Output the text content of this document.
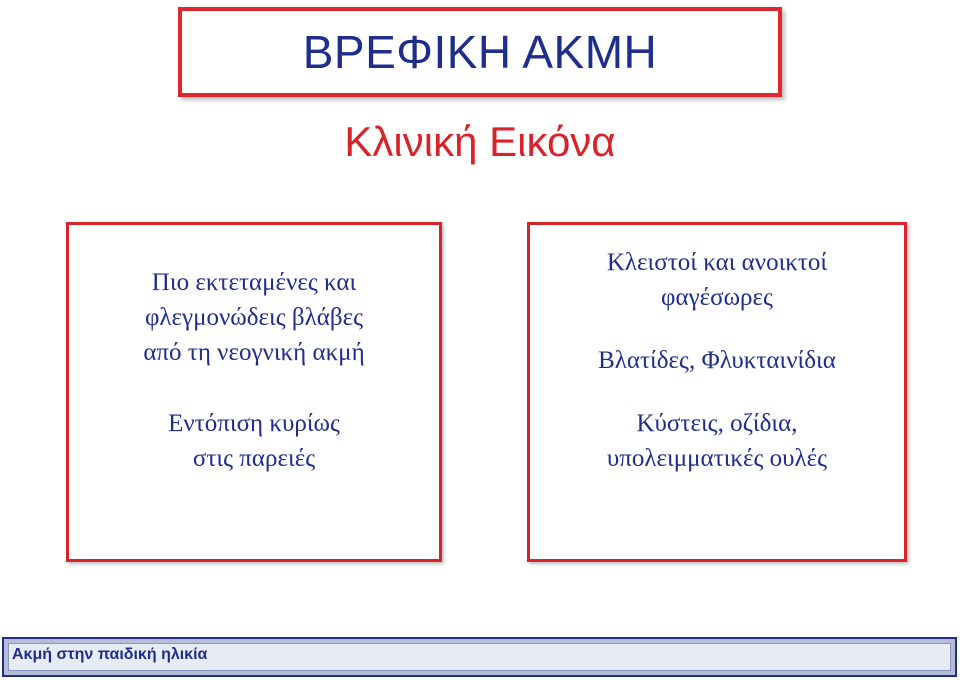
ΒΡΕΦΙΚΗ ΑΚΜΗ
Κλινική Εικόνα

Πιο εκτεταμένες και
φλεγμονώδεις βλάβες
από τη νεογνική ακμή

Εντόπιση κυρίως
στις παρειές

Κλειστοί και ανοικτοί
φαγέσωρες

Βλατίδες, Φλυκταινίδια

Κύστεις, οζίδια,
υπολειμματικές ουλές

Ακμή στην παιδική ηλικία
